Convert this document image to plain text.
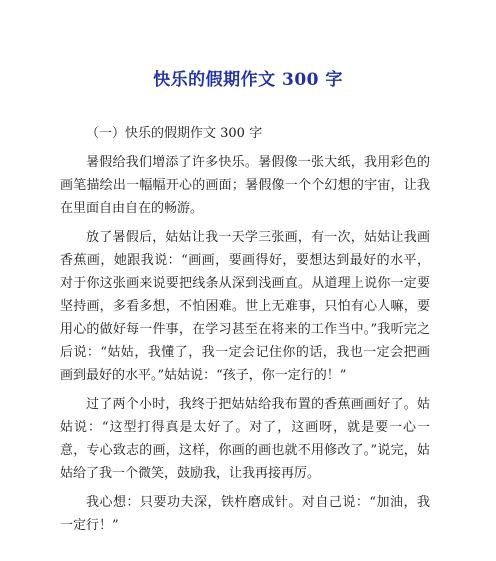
快乐的假期作文 300 字

（一）快乐的假期作文 300 字

暑假给我们增添了许多快乐。暑假像一张大纸，我用彩色的画笔描绘出一幅幅开心的画面；暑假像一个个幻想的宇宙，让我在里面自由自在的畅游。

放了暑假后，姑姑让我一天学三张画，有一次，姑姑让我画香蕉画，她跟我说：“画画，要画得好，要想达到最好的水平，对于你这张画来说要把线条从深到浅画直。从道理上说你一定要坚持画，多看多想，不怕困难。世上无难事，只怕有心人嘛，要用心的做好每一件事，在学习甚至在将来的工作当中。”我听完之后说：“姑姑，我懂了，我一定会记住你的话，我也一定会把画画到最好的水平。”姑姑说：“孩子，你一定行的！”

过了两个小时，我终于把姑姑给我布置的香蕉画画好了。姑姑说：“这型打得真是太好了。对了，这画呀，就是要一心一意，专心致志的画，这样，你画的画也就不用修改了。”说完，姑姑给了我一个微笑，鼓励我，让我再接再厉。

我心想：只要功夫深，铁杵磨成针。对自己说：“加油，我一定行！”
